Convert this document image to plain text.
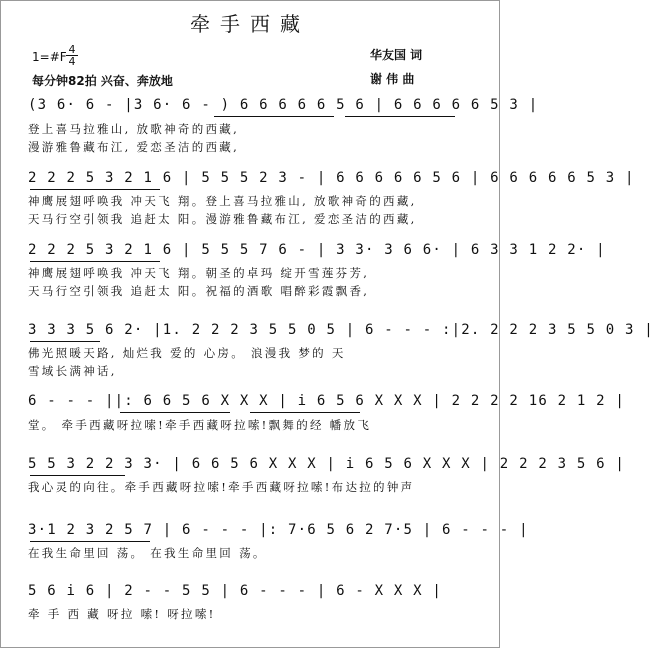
牵手西藏
1=#F
4
4
每分钟82拍 兴奋、奔放地
华友国 词
谢 伟 曲
(3 6· 6 - |3 6· 6 - ) 6 6 6 6 6 5 6 | 6 6 6 6 6 5 3 |
登上喜马拉雅山, 放歌神奇的西藏,
漫游雅鲁藏布江, 爱恋圣洁的西藏,
2 2 2 5 3 2 1 6 | 5 5 5 2 3 - | 6 6 6 6 6 5 6 | 6 6 6 6 6 5 3 |
神鹰展翅呼唤我 冲天飞 翔。登上喜马拉雅山, 放歌神奇的西藏,
天马行空引领我 追赶太 阳。漫游雅鲁藏布江, 爱恋圣洁的西藏,
2 2 2 5 3 2 1 6 | 5 5 5 7 6 - | 3 3· 3 6 6· | 6 3 3 1 2 2· |
神鹰展翅呼唤我 冲天飞 翔。朝圣的卓玛 绽开雪莲芬芳,
天马行空引领我 追赶太 阳。祝福的酒歌 唱醉彩霞飘香,
3 3 3 5 6 2· |1. 2 2 2 3 5 5 0 5 | 6 - - - :|2. 2 2 2 3 5 5 0 3 |
佛光照暖天路, 灿烂我 爱的 心房。 浪漫我 梦的 天
雪域长满神话,
6 - - - ||: 6 6 5 6 X X X | i 6 5 6 X X X | 2 2 2 2 16 2 1 2 |
堂。 牵手西藏呀拉嗦!牵手西藏呀拉嗦!飘舞的经 幡放飞
5 5 3 2 2 3 3· | 6 6 5 6 X X X | i 6 5 6 X X X | 2 2 2 3 5 6 |
我心灵的向往。牵手西藏呀拉嗦!牵手西藏呀拉嗦!布达拉的钟声
3·1 2 3 2 5 7 | 6 - - - |: 7·6 5 6 2 7·5 | 6 - - - |
在我生命里回 荡。 在我生命里回 荡。
5 6 i 6 | 2 - - 5 5 | 6 - - - | 6 - X X X |
牵 手 西 藏 呀拉 嗦! 呀拉嗦!
